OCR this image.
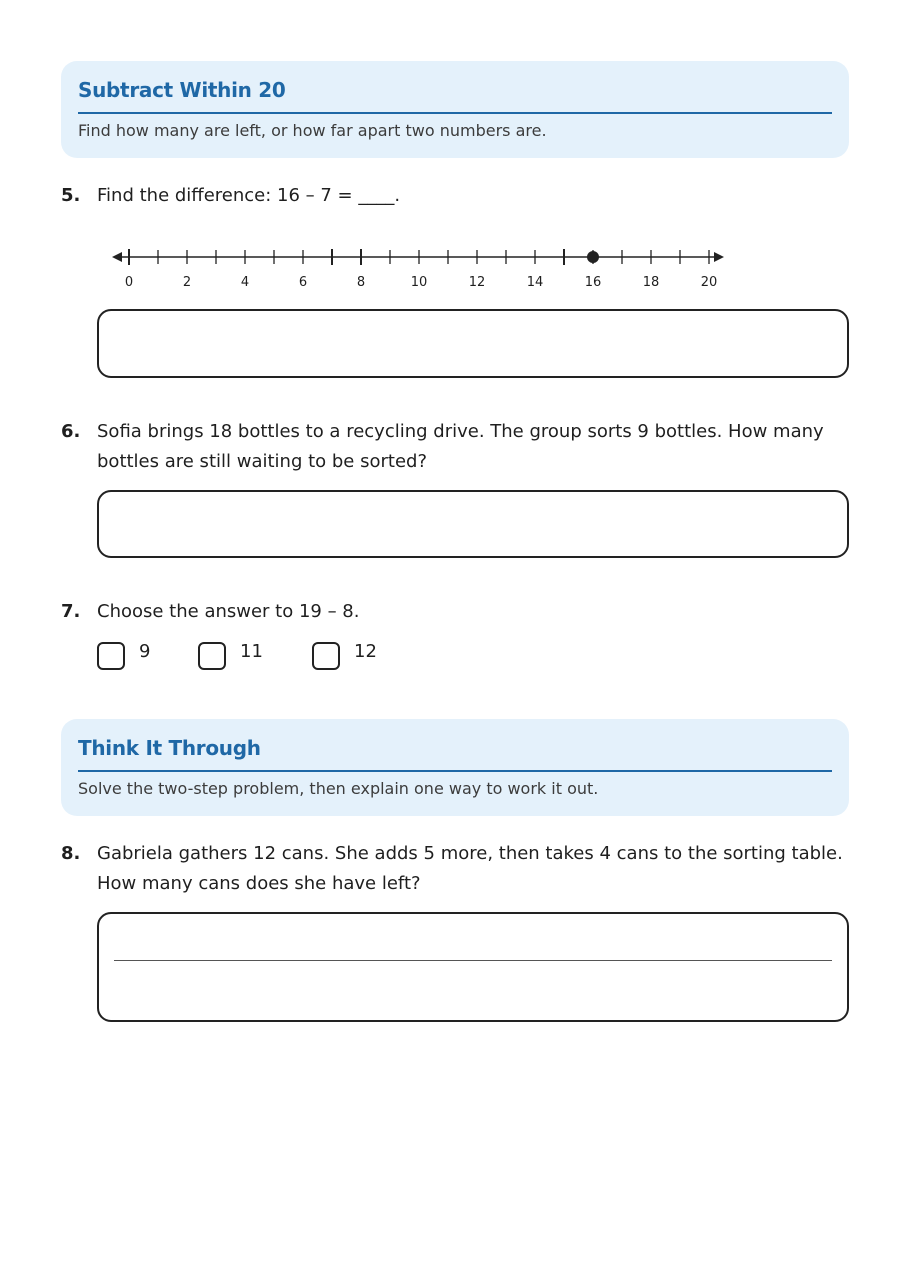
Subtract Within 20
Find how many are left, or how far apart two numbers are.
5. Find the difference: 16 – 7 = ____.
0	2	4	6	8	10	12	14	16	18	20
6. Sofia brings 18 bottles to a recycling drive. The group sorts 9 bottles. How many bottles are still waiting to be sorted?
7. Choose the answer to 19 – 8.
9	11	12
Think It Through
Solve the two-step problem, then explain one way to work it out.
8. Gabriela gathers 12 cans. She adds 5 more, then takes 4 cans to the sorting table. How many cans does she have left?
